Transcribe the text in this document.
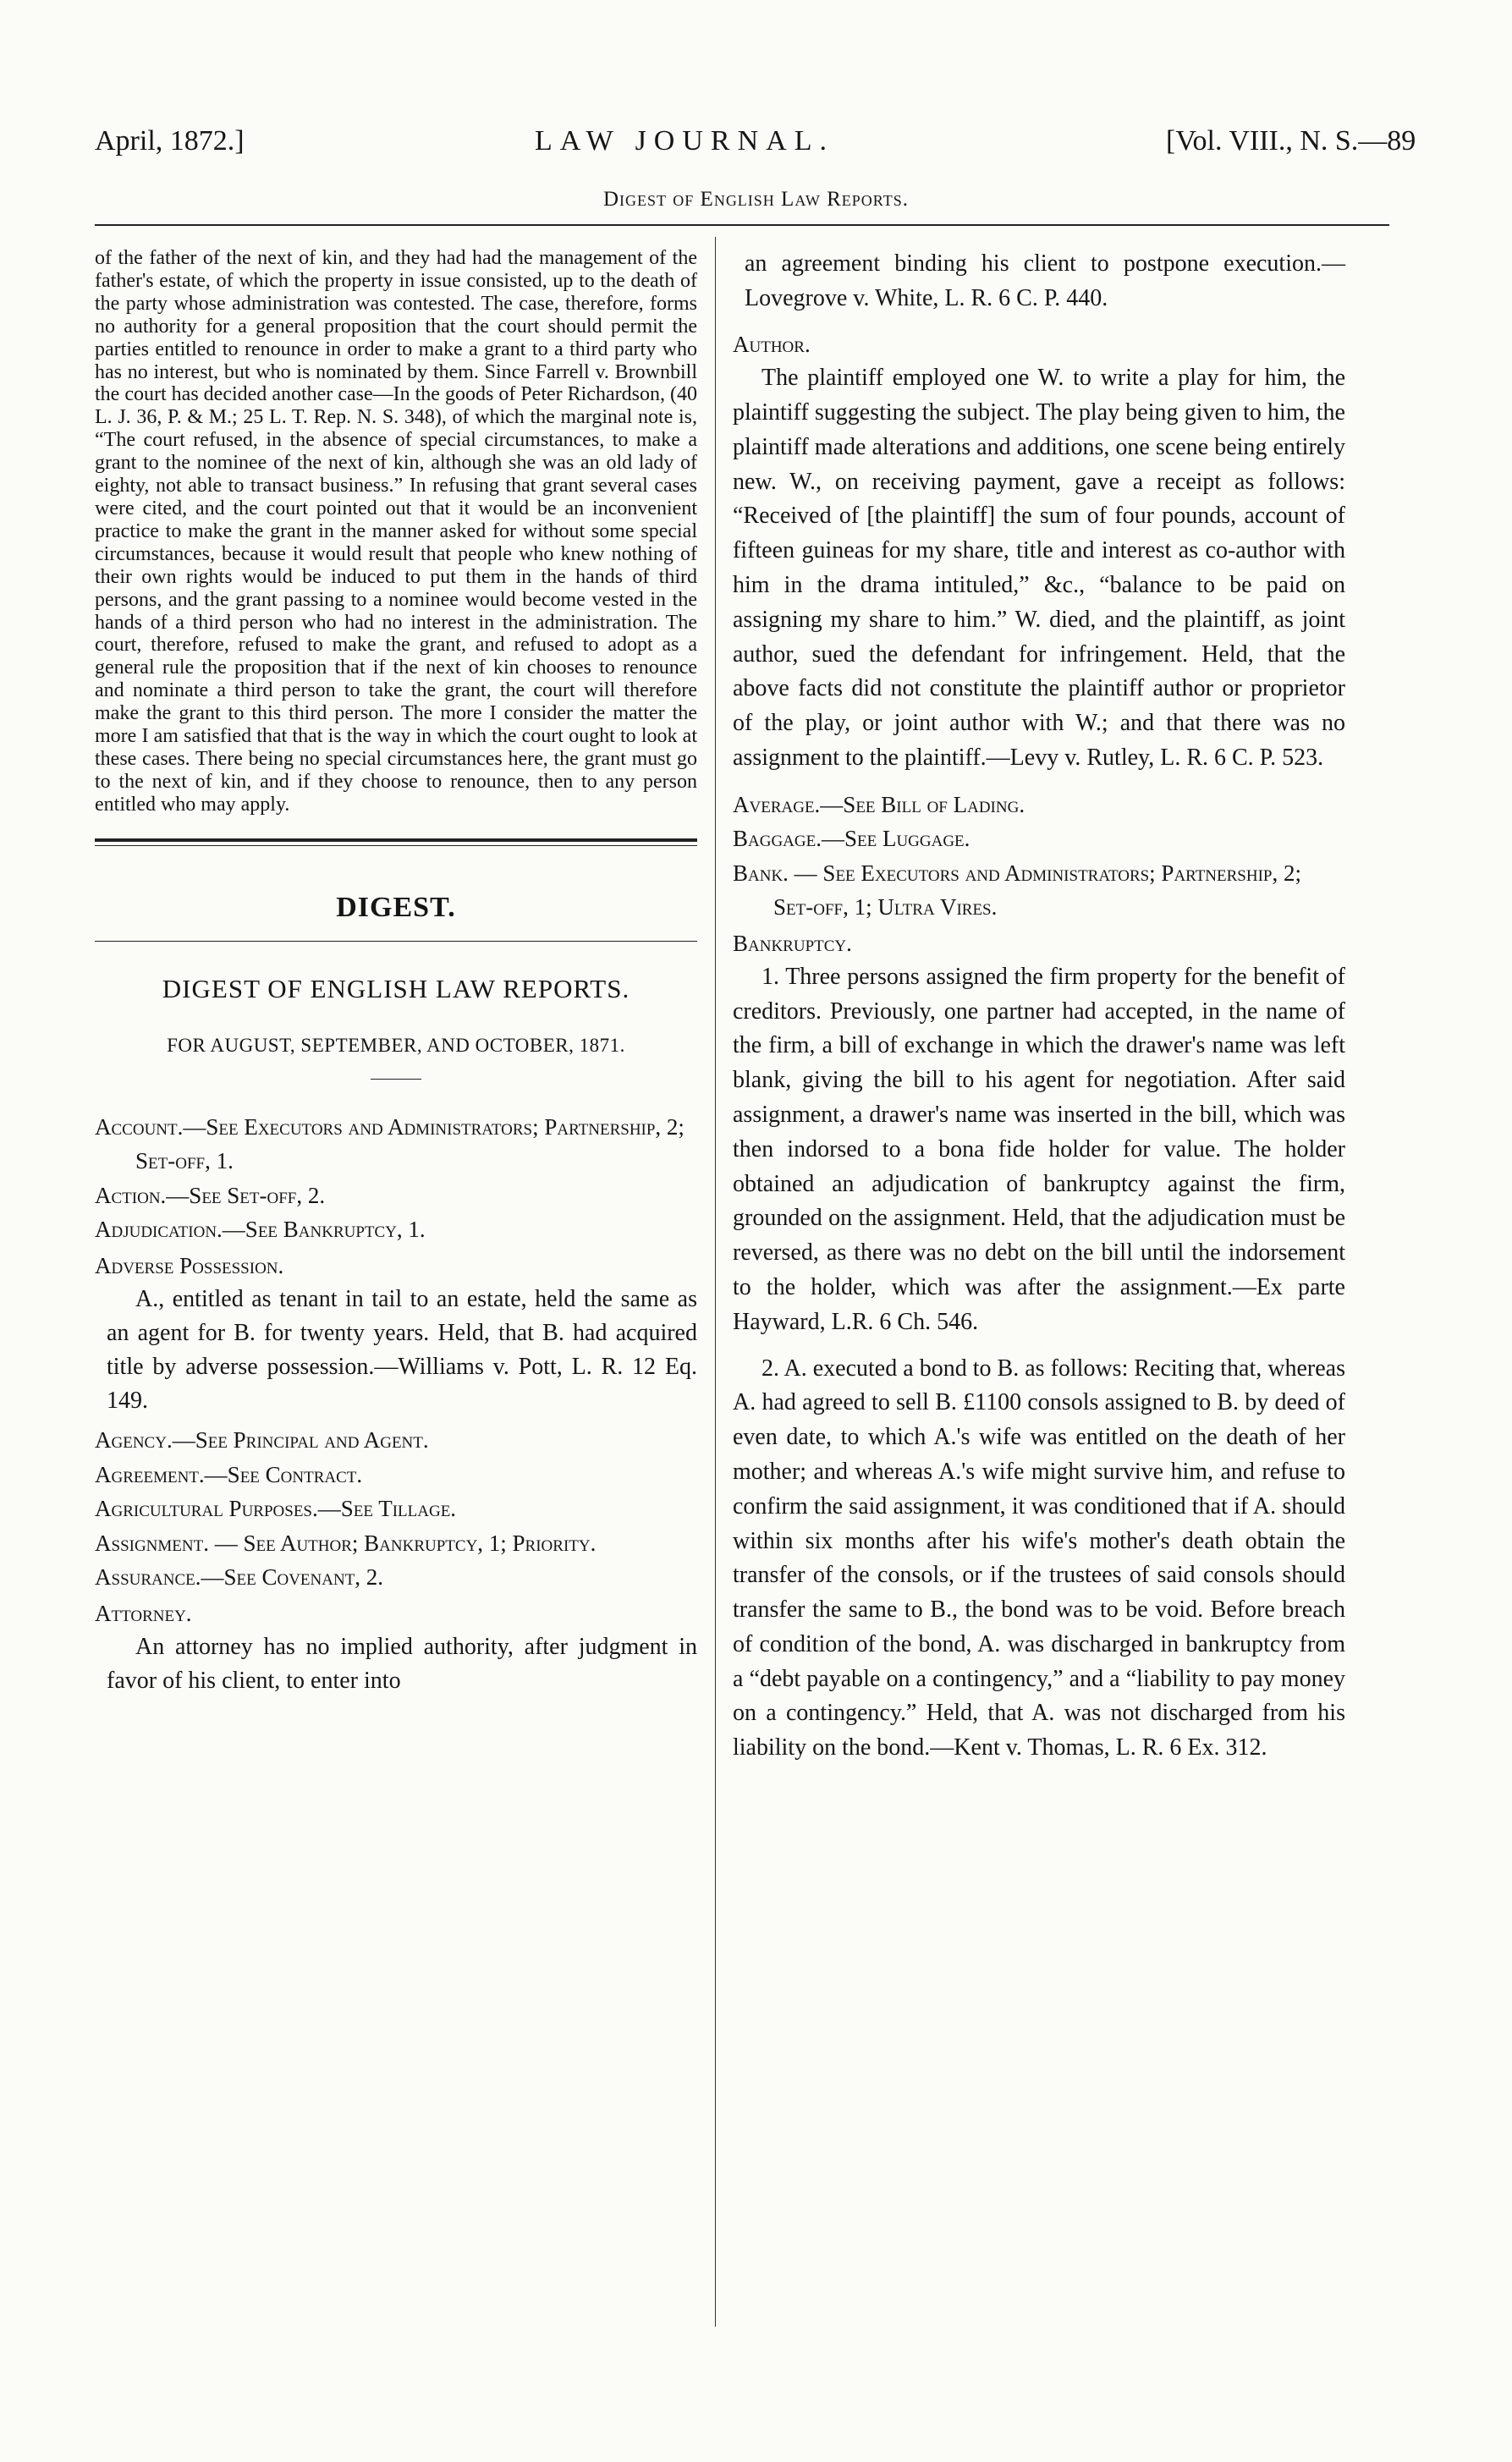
April, 1872.]	LAW JOURNAL.	[Vol. VIII., N. S.—89
Digest of English Law Reports.

of the father of the next of kin, and they had had the management of the father's estate, of which the property in issue consisted, up to the death of the party whose administration was contested. The case, therefore, forms no authority for a general proposition that the court should permit the parties entitled to renounce in order to make a grant to a third party who has no interest, but who is nominated by them. Since Farrell v. Brownbill the court has decided another case—In the goods of Peter Richardson, (40 L. J. 36, P. & M.; 25 L. T. Rep. N. S. 348), of which the marginal note is, “The court refused, in the absence of special circumstances, to make a grant to the nominee of the next of kin, although she was an old lady of eighty, not able to transact business.” In refusing that grant several cases were cited, and the court pointed out that it would be an inconvenient practice to make the grant in the manner asked for without some special circumstances, because it would result that people who knew nothing of their own rights would be induced to put them in the hands of third persons, and the grant passing to a nominee would become vested in the hands of a third person who had no interest in the administration. The court, therefore, refused to make the grant, and refused to adopt as a general rule the proposition that if the next of kin chooses to renounce and nominate a third person to take the grant, the court will therefore make the grant to this third person. The more I consider the matter the more I am satisfied that that is the way in which the court ought to look at these cases. There being no special circumstances here, the grant must go to the next of kin, and if they choose to renounce, then to any person entitled who may apply.

DIGEST.
DIGEST OF ENGLISH LAW REPORTS.
FOR AUGUST, SEPTEMBER, AND OCTOBER, 1871.

Account.—See Executors and Administrators; Partnership, 2; Set-off, 1.

Action.—See Set-off, 2.

Adjudication.—See Bankruptcy, 1.

Adverse Possession.

A., entitled as tenant in tail to an estate, held the same as an agent for B. for twenty years. Held, that B. had acquired title by adverse possession.—Williams v. Pott, L. R. 12 Eq. 149.

Agency.—See Principal and Agent.

Agreement.—See Contract.

Agricultural Purposes.—See Tillage.

Assignment. — See Author; Bankruptcy, 1; Priority.

Assurance.—See Covenant, 2.

Attorney.

An attorney has no implied authority, after judgment in favor of his client, to enter into

an agreement binding his client to postpone execution.—Lovegrove v. White, L. R. 6 C. P. 440.

Author.

The plaintiff employed one W. to write a play for him, the plaintiff suggesting the subject. The play being given to him, the plaintiff made alterations and additions, one scene being entirely new. W., on receiving payment, gave a receipt as follows: “Received of [the plaintiff] the sum of four pounds, account of fifteen guineas for my share, title and interest as co-author with him in the drama intituled,” &c., “balance to be paid on assigning my share to him.” W. died, and the plaintiff, as joint author, sued the defendant for infringement. Held, that the above facts did not constitute the plaintiff author or proprietor of the play, or joint author with W.; and that there was no assignment to the plaintiff.—Levy v. Rutley, L. R. 6 C. P. 523.

Average.—See Bill of Lading.

Baggage.—See Luggage.

Bank. — See Executors and Administrators; Partnership, 2; Set-off, 1; Ultra Vires.

Bankruptcy.

1. Three persons assigned the firm property for the benefit of creditors. Previously, one partner had accepted, in the name of the firm, a bill of exchange in which the drawer's name was left blank, giving the bill to his agent for negotiation. After said assignment, a drawer's name was inserted in the bill, which was then indorsed to a bona fide holder for value. The holder obtained an adjudication of bankruptcy against the firm, grounded on the assignment. Held, that the adjudication must be reversed, as there was no debt on the bill until the indorsement to the holder, which was after the assignment.—Ex parte Hayward, L.R. 6 Ch. 546.

2. A. executed a bond to B. as follows: Reciting that, whereas A. had agreed to sell B. £1100 consols assigned to B. by deed of even date, to which A.'s wife was entitled on the death of her mother; and whereas A.'s wife might survive him, and refuse to confirm the said assignment, it was conditioned that if A. should within six months after his wife's mother's death obtain the transfer of the consols, or if the trustees of said consols should transfer the same to B., the bond was to be void. Before breach of condition of the bond, A. was discharged in bankruptcy from a “debt payable on a contingency,” and a “liability to pay money on a contingency.” Held, that A. was not discharged from his liability on the bond.—Kent v. Thomas, L. R. 6 Ex. 312.
